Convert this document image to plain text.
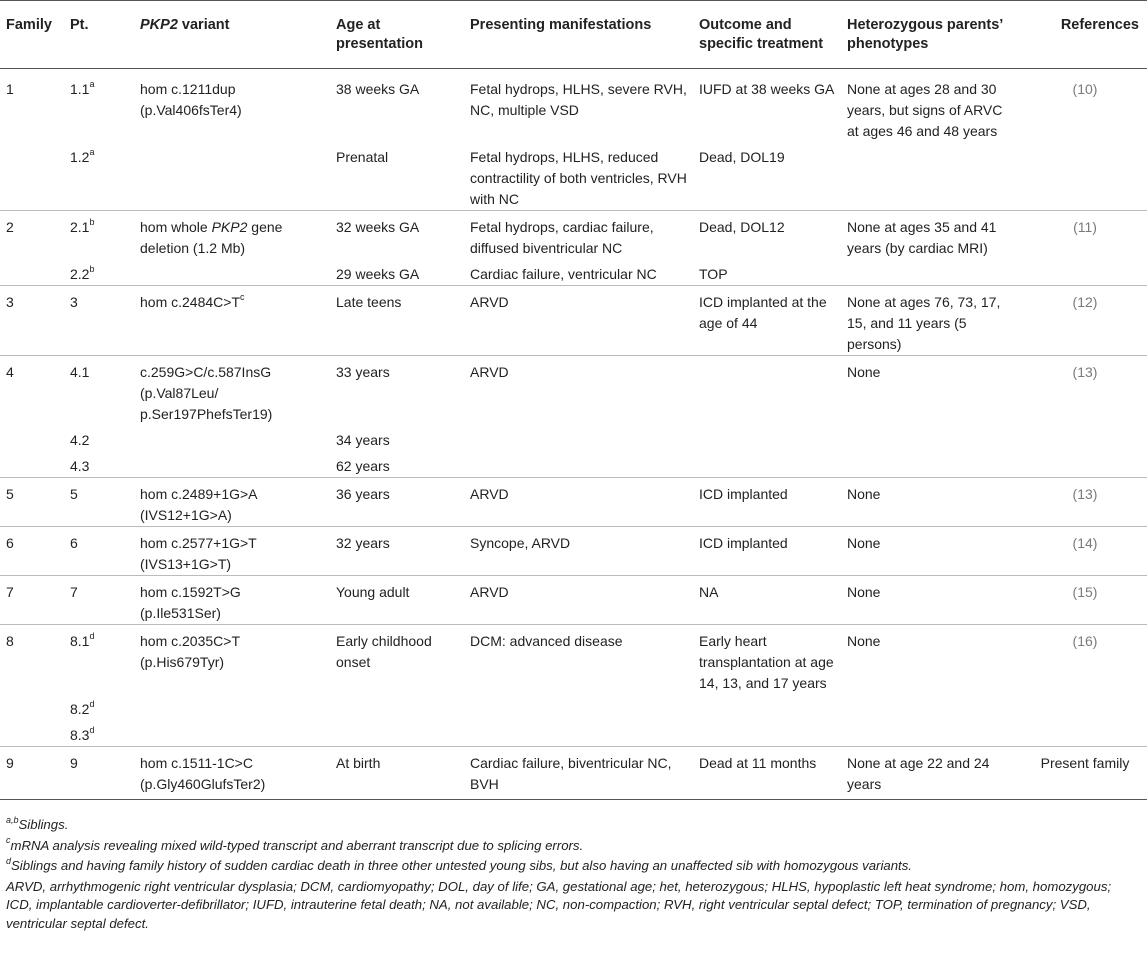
Family	Pt.	PKP2 variant	Age at presentation	Presenting manifestations	Outcome and specific treatment	Heterozygous parents’ phenotypes	References
1	1.1$^a$	hom c.1211dup (p.Val406fsTer4)	38 weeks GA	Fetal hydrops, HLHS, severe RVH, NC, multiple VSD	IUFD at 38 weeks GA	None at ages 28 and 30 years, but signs of ARVC at ages 46 and 48 years	(10)
	1.2$^a$		Prenatal	Fetal hydrops, HLHS, reduced contractility of both ventricles, RVH with NC	Dead, DOL19		
2	2.1$^b$	hom whole PKP2 gene deletion (1.2 Mb)	32 weeks GA	Fetal hydrops, cardiac failure, diffused biventricular NC	Dead, DOL12	None at ages 35 and 41 years (by cardiac MRI)	(11)
	2.2$^b$		29 weeks GA	Cardiac failure, ventricular NC	TOP		
3	3	hom $c.2484C>T^c$	Late teens	ARVD	ICD implanted at the age of 44	None at ages 76, 73, 17, 15, and 11 years (5 persons)	(12)
4	4.1	c.259G>C/c.587InsG (p.Val87Leu/ p.Ser197PhefsTer19)	33 years	ARVD		None	(13)
	4.2		34 years				
	4.3		62 years				
5	5	hom c.2489+1G>A (IVS12+1G>A)	36 years	ARVD	ICD implanted	None	(13)
6	6	hom c.2577+1G>T (IVS13+1G>T)	32 years	Syncope, ARVD	ICD implanted	None	(14)
7	7	hom c.1592T>G (p.Ile531Ser)	Young adult	ARVD	NA	None	(15)
8	8.1$^d$	hom c.2035C>T (p.His679Tyr)	Early childhood onset	DCM: advanced disease	Early heart transplantation at age 14, 13, and 17 years	None	(16)
	8.2$^d$						
	8.3$^d$						
9	9	hom c.1511-1C>C (p.Gly460GlufsTer2)	At birth	Cardiac failure, biventricular NC, BVH	Dead at 11 months	None at age 22 and 24 years	Present family

$^{a,b}$Siblings.

$^c$mRNA analysis revealing mixed wild-typed transcript and aberrant transcript due to splicing errors.

$^d$Siblings and having family history of sudden cardiac death in three other untested young sibs, but also having an unaffected sib with homozygous variants.

ARVD, arrhythmogenic right ventricular dysplasia; DCM, cardiomyopathy; DOL, day of life; GA, gestational age; het, heterozygous; HLHS, hypoplastic left heat syndrome; hom, homozygous; ICD, implantable cardioverter-defibrillator; IUFD, intrauterine fetal death; NA, not available; NC, non-compaction; RVH, right ventricular septal defect; TOP, termination of pregnancy; VSD, ventricular septal defect.
